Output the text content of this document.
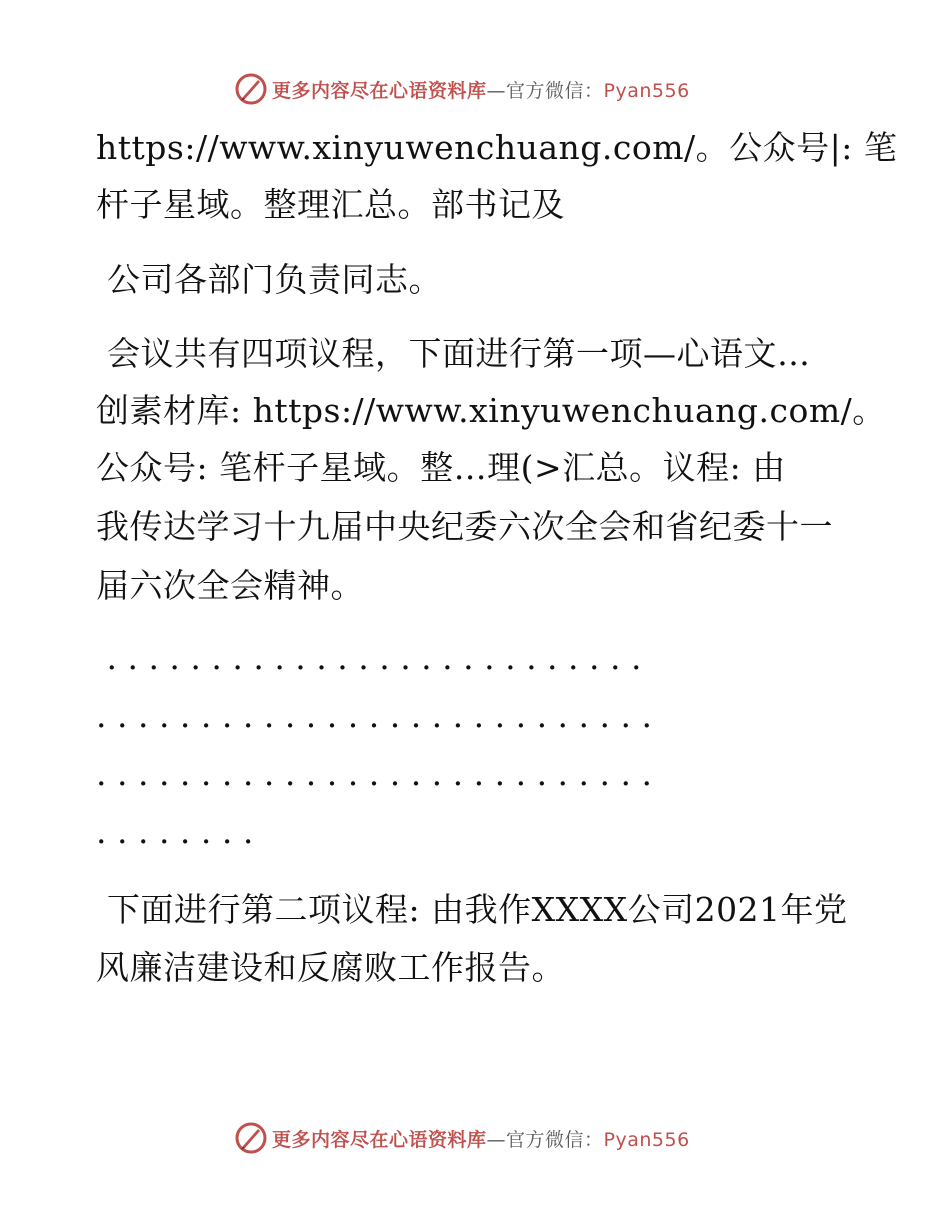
更多内容尽在心语资料库—官方微信：Pyan556
https://www.xinyuwenchuang.com/。公众号|: 笔
杆子星域。整理汇总。部书记及
公司各部门负责同志。
会议共有四项议程，下面进行第一项—心语文…
创素材库: https://www.xinyuwenchuang.com/。
公众号: 笔杆子星域。整…理(>汇总。议程: 由
我传达学习十九届中央纪委六次全会和省纪委十一
届六次全会精神。
. . . . . . . . . . . . . . . . . . . . . . . . . .
. . . . . . . . . . . . . . . . . . . . . . . . . . .
. . . . . . . . . . . . . . . . . . . . . . . . . . .
. . . . . . . .
下面进行第二项议程: 由我作XXXX公司2021年党
风廉洁建设和反腐败工作报告。
更多内容尽在心语资料库—官方微信：Pyan556
